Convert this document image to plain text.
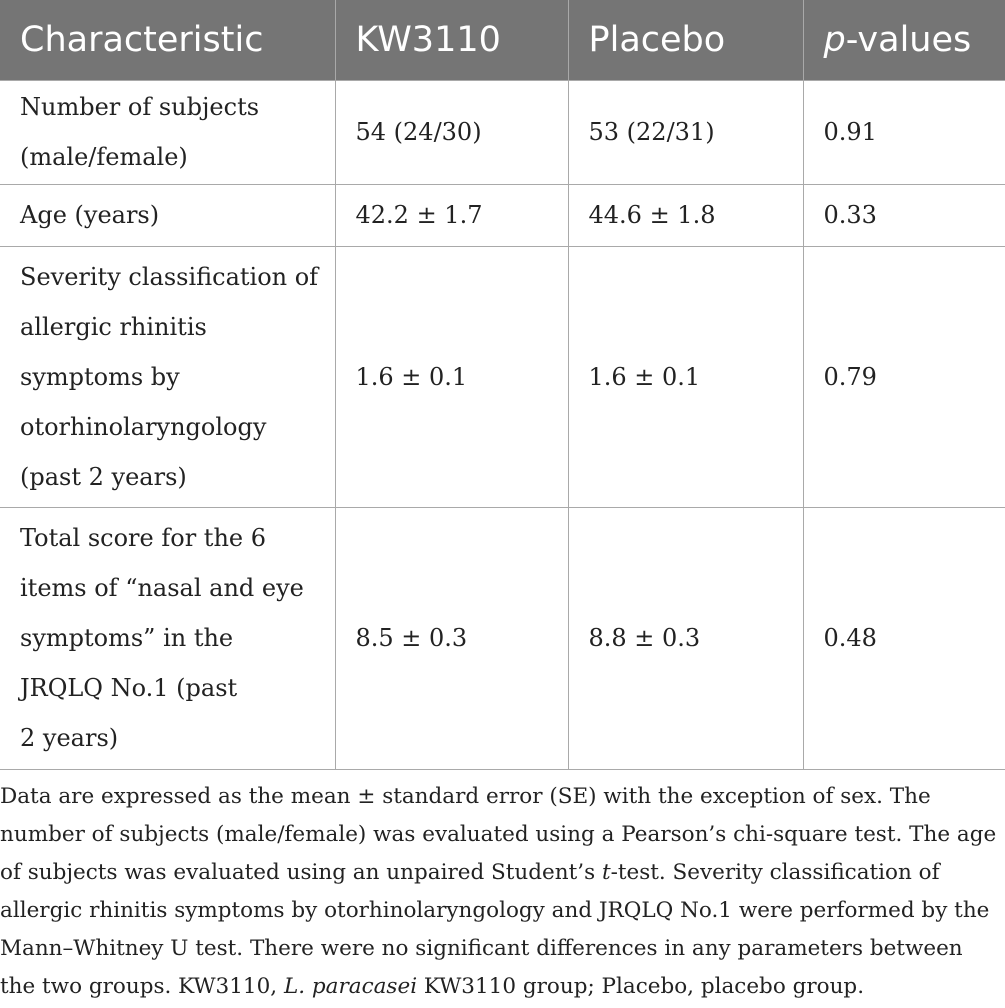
Characteristic	KW3110	Placebo	p-values

Number of subjects
(male/female)	54 (24/30)	53 (22/31)	0.91

Age (years)	42.2 ± 1.7	44.6 ± 1.8	0.33

Severity classification of
allergic rhinitis
symptoms by
otorhinolaryngology
(past 2 years)	1.6 ± 0.1	1.6 ± 0.1	0.79

Total score for the 6
items of “nasal and eye
symptoms” in the
JRQLQ No.1 (past
2 years)	8.5 ± 0.3	8.8 ± 0.3	0.48
Data are expressed as the mean ± standard error (SE) with the exception of sex. The number of subjects (male/female) was evaluated using a Pearson’s chi-square test. The age of subjects was evaluated using an unpaired Student’s t-test. Severity classification of allergic rhinitis symptoms by otorhinolaryngology and JRQLQ No.1 were performed by the Mann–Whitney U test. There were no significant differences in any parameters between the two groups. KW3110, L. paracasei KW3110 group; Placebo, placebo group.
